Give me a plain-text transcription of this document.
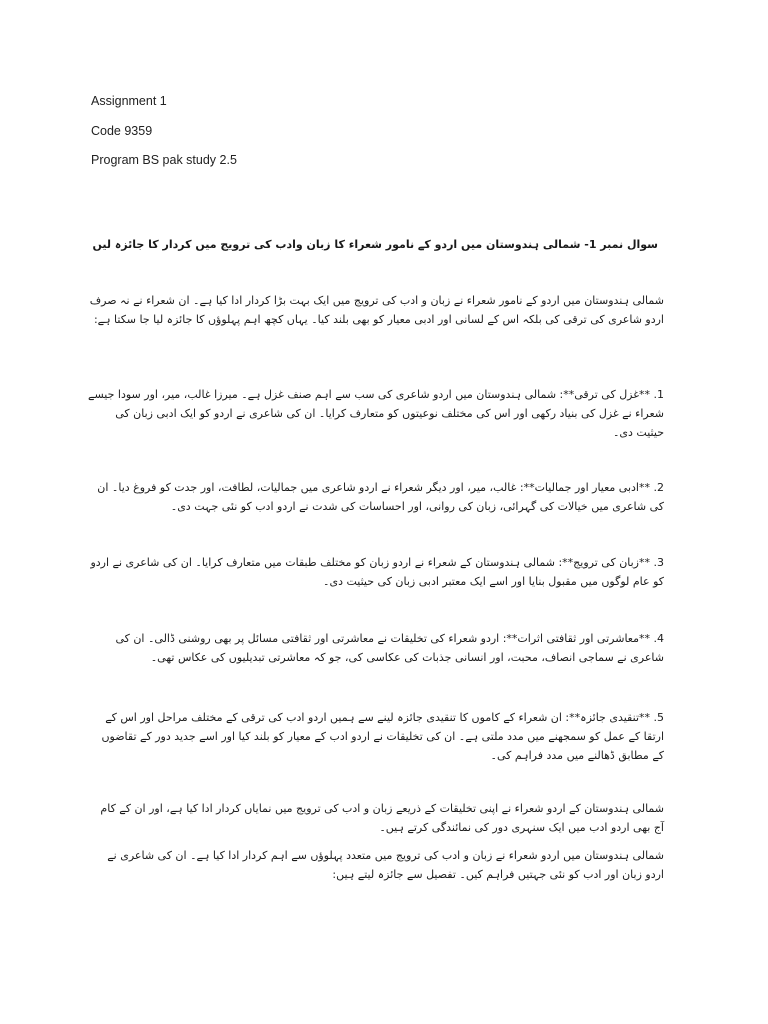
Assignment 1
Code 9359
Program BS pak study 2.5
سوال نمبر 1- شمالی ہندوستان میں اردو کے نامور شعراء کا زبان وادب کی ترویج میں کردار کا جائزہ لیں
شمالی ہندوستان میں اردو کے نامور شعراء نے زبان و ادب کی ترویج میں ایک بہت بڑا کردار ادا کیا ہے۔ ان شعراء نے نہ صرف اردو شاعری کی ترقی کی بلکہ اس کے لسانی اور ادبی معیار کو بھی بلند کیا۔ یہاں کچھ اہم پہلوؤں کا جائزہ لیا جا سکتا ہے:
1. **غزل کی ترقی**: شمالی ہندوستان میں اردو شاعری کی سب سے اہم صنف غزل ہے۔ میرزا غالب، میر، اور سودا جیسے شعراء نے غزل کی بنیاد رکھی اور اس کی مختلف نوعیتوں کو متعارف کرایا۔ ان کی شاعری نے اردو کو ایک ادبی زبان کی حیثیت دی۔
2. **ادبی معیار اور جمالیات**: غالب، میر، اور دیگر شعراء نے اردو شاعری میں جمالیات، لطافت، اور جدت کو فروغ دیا۔ ان کی شاعری میں خیالات کی گہرائی، زبان کی روانی، اور احساسات کی شدت نے اردو ادب کو نئی جہت دی۔
3. **زبان کی ترویج**: شمالی ہندوستان کے شعراء نے اردو زبان کو مختلف طبقات میں متعارف کرایا۔ ان کی شاعری نے اردو کو عام لوگوں میں مقبول بنایا اور اسے ایک معتبر ادبی زبان کی حیثیت دی۔
4. **معاشرتی اور ثقافتی اثرات**: اردو شعراء کی تخلیقات نے معاشرتی اور ثقافتی مسائل پر بھی روشنی ڈالی۔ ان کی شاعری نے سماجی انصاف، محبت، اور انسانی جذبات کی عکاسی کی، جو کہ معاشرتی تبدیلیوں کی عکاس تھی۔
5. **تنقیدی جائزہ**: ان شعراء کے کاموں کا تنقیدی جائزہ لینے سے ہمیں اردو ادب کی ترقی کے مختلف مراحل اور اس کے ارتقا کے عمل کو سمجھنے میں مدد ملتی ہے۔ ان کی تخلیقات نے اردو ادب کے معیار کو بلند کیا اور اسے جدید دور کے تقاضوں کے مطابق ڈھالنے میں مدد فراہم کی۔
شمالی ہندوستان کے اردو شعراء نے اپنی تخلیقات کے ذریعے زبان و ادب کی ترویج میں نمایاں کردار ادا کیا ہے، اور ان کے کام آج بھی اردو ادب میں ایک سنہری دور کی نمائندگی کرتے ہیں۔
شمالی ہندوستان میں اردو شعراء نے زبان و ادب کی ترویج میں متعدد پہلوؤں سے اہم کردار ادا کیا ہے۔ ان کی شاعری نے اردو زبان اور ادب کو نئی جہتیں فراہم کیں۔ تفصیل سے جائزہ لیتے ہیں:
